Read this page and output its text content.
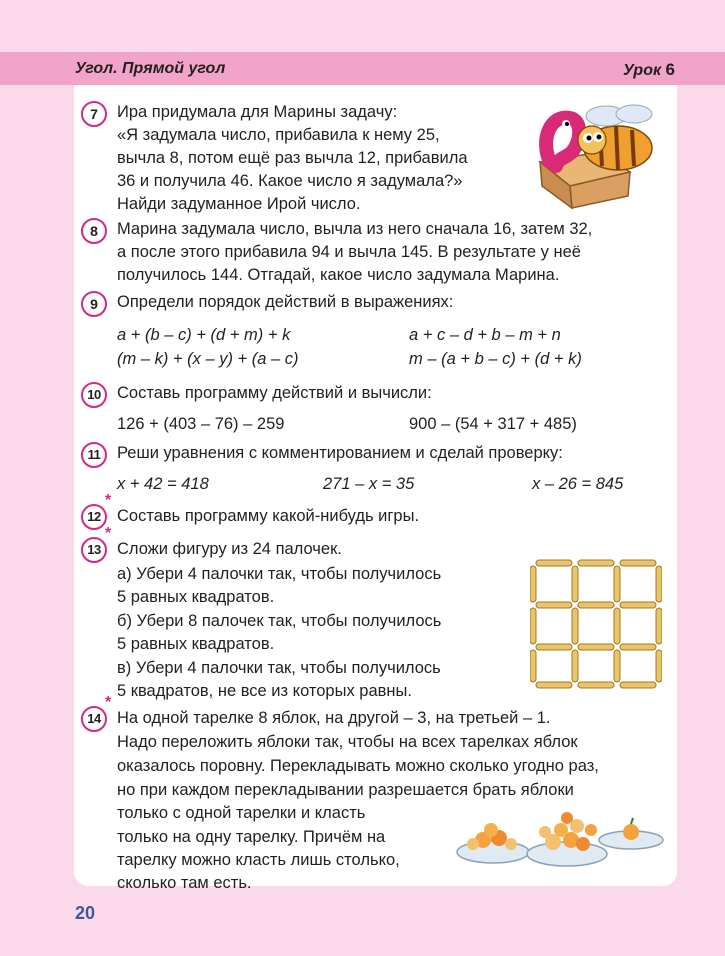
Угол. Прямой угол	Урок 6
7	Ира придумала для Марины задачу:
«Я задумала число, прибавила к нему 25,
вычла 8, потом ещё раз вычла 12, прибавила
36 и получила 46. Какое число я задумала?»
Найди задуманное Ирой число.
8	Марина задумала число, вычла из него сначала 16, затем 32,
а после этого прибавила 94 и вычла 145. В результате у неё
получилось 144. Отгадай, какое число задумала Марина.
9	Определи порядок действий в выражениях:
a + (b – c) + (d + m) + k	a + c – d + b – m + n
(m – k) + (x – y) + (a – c)	m – (a + b – c) + (d + k)
10 Составь программу действий и вычисли:
126 + (403 – 76) – 259	900 – (54 + 317 + 485)
11	Реши уравнения с комментированием и сделай проверку:
x + 42 = 418	271 – x = 35	x – 26 = 845
12
*
Составь программу какой-нибудь игры.
13
*
Сложи фигуру из 24 палочек.
а) Убери 4 палочки так, чтобы получилось
5 равных квадратов.
б) Убери 8 палочек так, чтобы получилось
5 равных квадратов.
в) Убери 4 палочки так, чтобы получилось
5 квадратов, не все из которых равны.
14
*
На одной тарелке 8 яблок, на другой – 3, на третьей – 1.
Надо переложить яблоки так, чтобы на всех тарелках яблок
оказалось поровну. Перекладывать можно сколько угодно раз,
но при каждом перекладывании разрешается брать яблоки
только с одной тарелки и класть
только на одну тарелку. Причём на
тарелку можно класть лишь столько,
сколько там есть.
20
